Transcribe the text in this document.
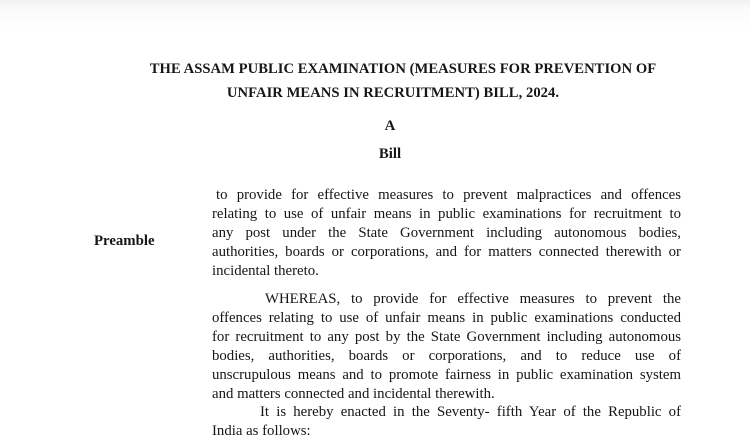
THE ASSAM PUBLIC EXAMINATION (MEASURES FOR PREVENTION OF
UNFAIR MEANS IN RECRUITMENT) BILL, 2024.
A
Bill
Preamble
to provide for effective measures to prevent malpractices and offences
relating to use of unfair means in public examinations for recruitment to
any post under the State Government including autonomous bodies,
authorities, boards or corporations, and for matters connected therewith or
incidental thereto.
WHEREAS, to provide for effective measures to prevent the
offences relating to use of unfair means in public examinations conducted
for recruitment to any post by the State Government including autonomous
bodies, authorities, boards or corporations, and to reduce use of
unscrupulous means and to promote fairness in public examination system
and matters connected and incidental therewith.
It is hereby enacted in the Seventy- fifth Year of the Republic of
India as follows:
